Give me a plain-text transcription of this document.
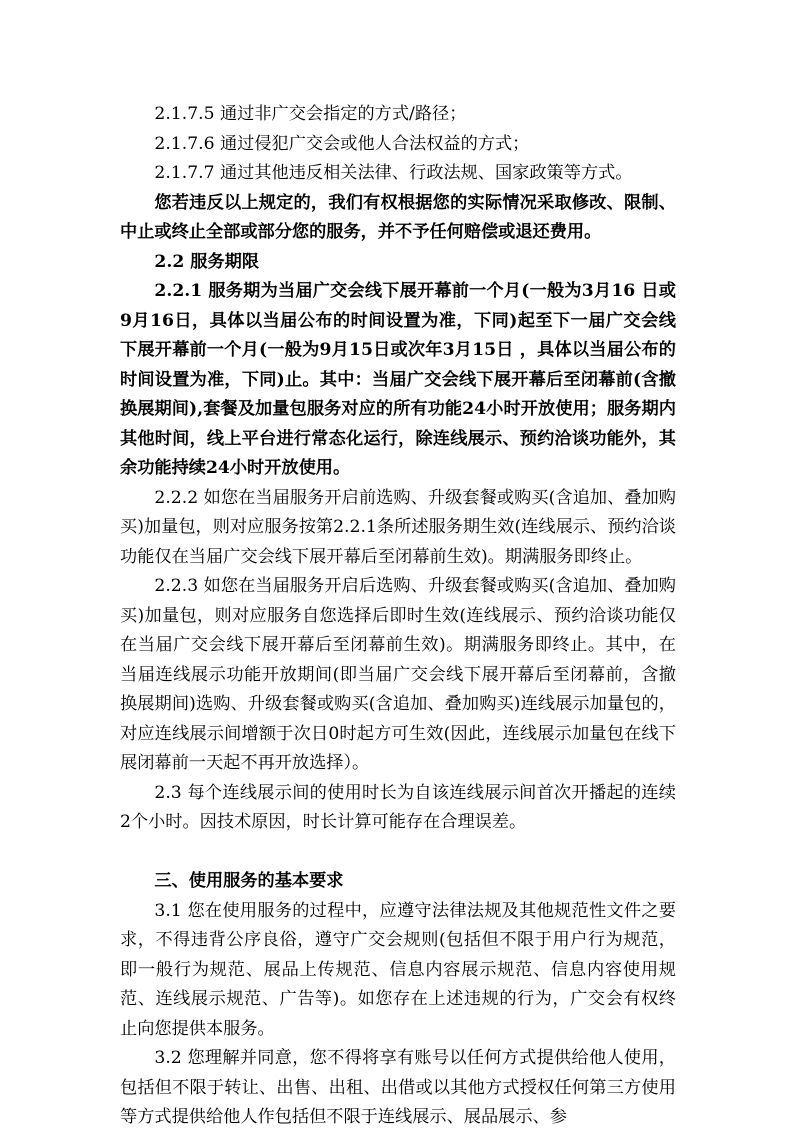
2.1.7.5 通过非广交会指定的方式/路径；

2.1.7.6 通过侵犯广交会或他人合法权益的方式；

2.1.7.7 通过其他违反相关法律、行政法规、国家政策等方式。

您若违反以上规定的，我们有权根据您的实际情况采取修改、限制、 中止或终止全部或部分您的服务，并不予任何赔偿或退还费用。

2.2 服务期限

2.2.1 服务期为当届广交会线下展开幕前一个月(一般为3月16 日或9月16日，具体以当届公布的时间设置为准，下同)起至下一届广交会线下展开幕前一个月(一般为9月15日或次年3月15日 ，具体以当届公布的时间设置为准，下同)止。其中：当届广交会线下展开幕后至闭幕前(含撤换展期间),套餐及加量包服务对应的所有功能24小时开放使用；服务期内其他时间，线上平台进行常态化运行，除连线展示、预约洽谈功能外，其余功能持续24小时开放使用。

2.2.2 如您在当届服务开启前选购、升级套餐或购买(含追加、叠加购买)加量包，则对应服务按第2.2.1条所述服务期生效(连线展示、预约洽谈功能仅在当届广交会线下展开幕后至闭幕前生效)。期满服务即终止。

2.2.3 如您在当届服务开启后选购、升级套餐或购买(含追加、叠加购买)加量包，则对应服务自您选择后即时生效(连线展示、预约洽谈功能仅在当届广交会线下展开幕后至闭幕前生效)。期满服务即终止。其中，在当届连线展示功能开放期间(即当届广交会线下展开幕后至闭幕前，含撤换展期间)选购、升级套餐或购买(含追加、叠加购买)连线展示加量包的，对应连线展示间增额于次日0时起方可生效(因此，连线展示加量包在线下展闭幕前一天起不再开放选择）。

2.3 每个连线展示间的使用时长为自该连线展示间首次开播起的连续2个小时。因技术原因，时长计算可能存在合理误差。

三、使用服务的基本要求

3.1 您在使用服务的过程中，应遵守法律法规及其他规范性文件之要求，不得违背公序良俗，遵守广交会规则(包括但不限于用户行为规范，即一般行为规范、展品上传规范、信息内容展示规范、信息内容使用规范、连线展示规范、广告等)。如您存在上述违规的行为，广交会有权终止向您提供本服务。

3.2 您理解并同意，您不得将享有账号以任何方式提供给他人使用，包括但不限于转让、出售、出租、出借或以其他方式授权任何第三方使用等方式提供给他人作包括但不限于连线展示、展品展示、参
